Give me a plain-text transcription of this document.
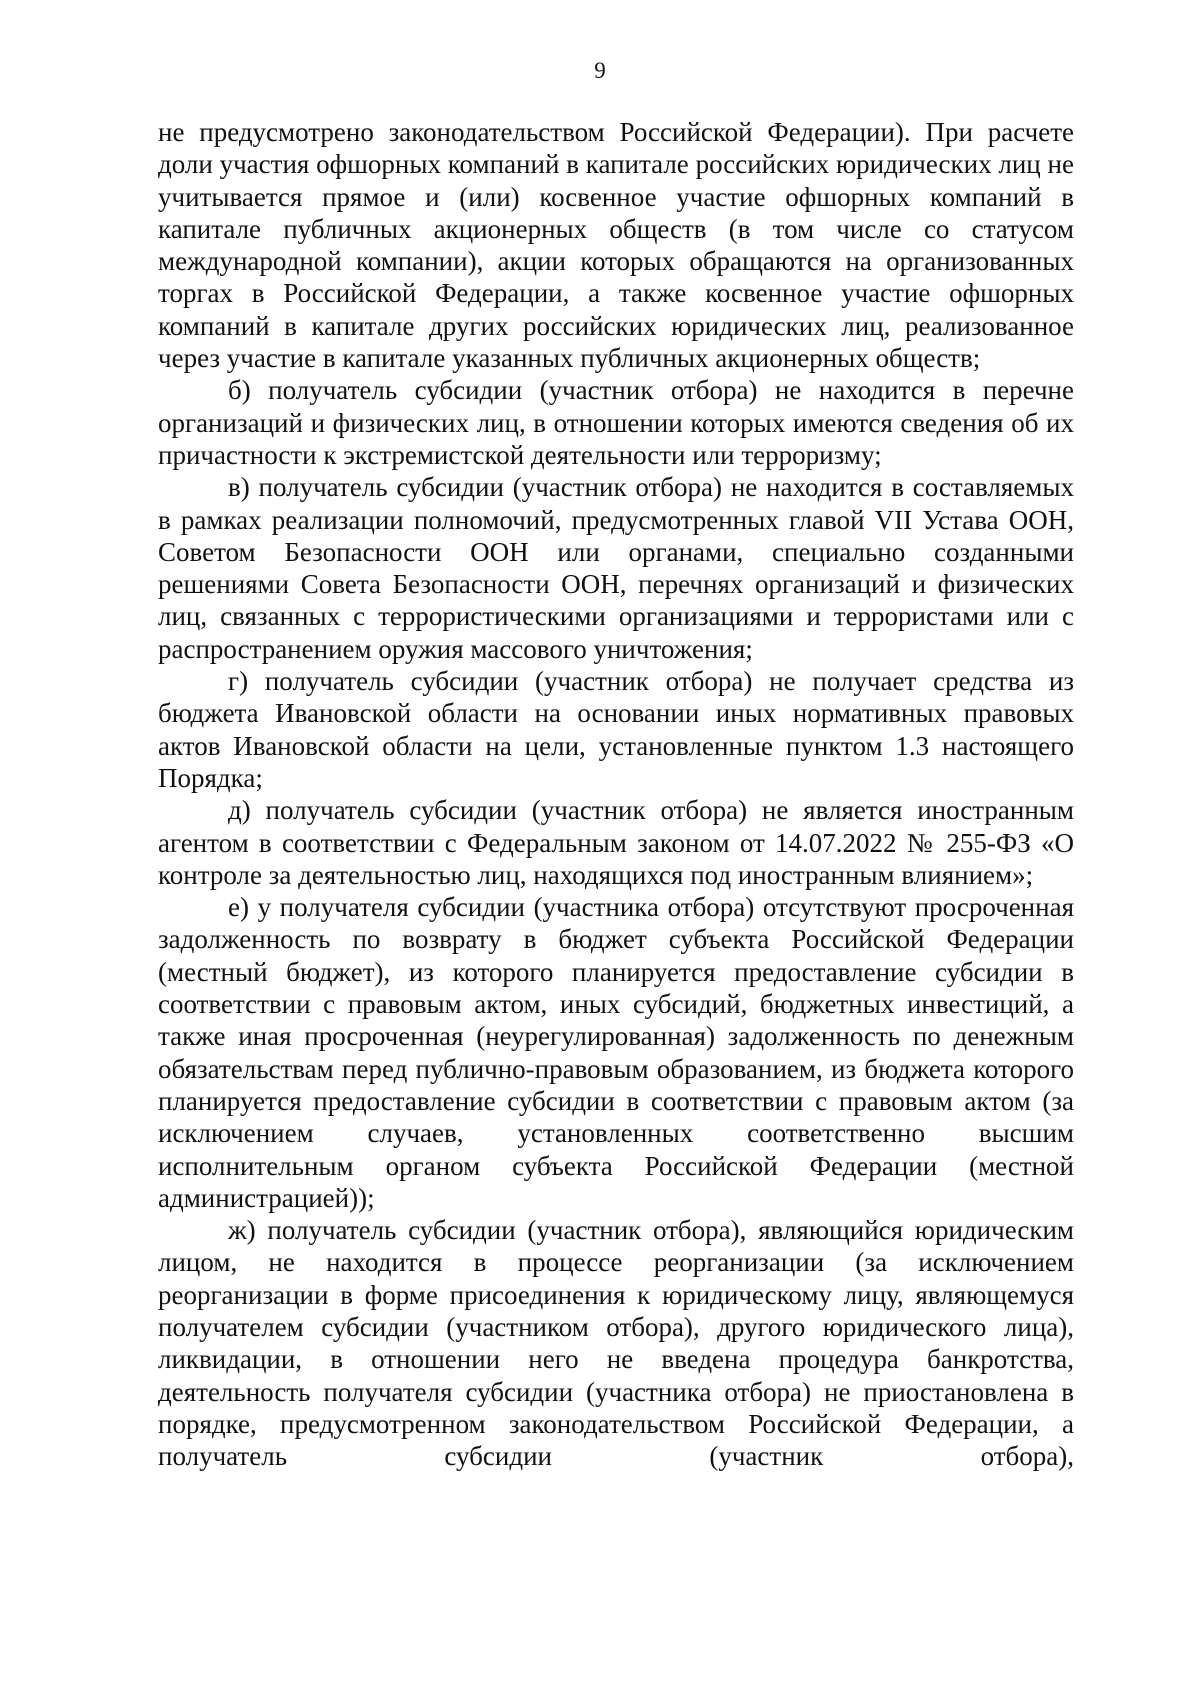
9

не предусмотрено законодательством Российской Федерации). При расчете доли участия офшорных компаний в капитале российских юридических лиц не учитывается прямое и (или) косвенное участие офшорных компаний в капитале публичных акционерных обществ (в том числе со статусом международной компании), акции которых обращаются на организованных торгах в Российской Федерации, а также косвенное участие офшорных компаний в капитале других российских юридических лиц, реализованное через участие в капитале указанных публичных акционерных обществ;

б) получатель субсидии (участник отбора) не находится в перечне организаций и физических лиц, в отношении которых имеются сведения об их причастности к экстремистской деятельности или терроризму;

в) получатель субсидии (участник отбора) не находится в составляемых в рамках реализации полномочий, предусмотренных главой VII Устава ООН, Советом Безопасности ООН или органами, специально созданными решениями Совета Безопасности ООН, перечнях организаций и физических лиц, связанных с террористическими организациями и террористами или с распространением оружия массового уничтожения;

г) получатель субсидии (участник отбора) не получает средства из бюджета Ивановской области на основании иных нормативных правовых актов Ивановской области на цели, установленные пунктом 1.3 настоящего Порядка;

д) получатель субсидии (участник отбора) не является иностранным агентом в соответствии с Федеральным законом от 14.07.2022 № 255-ФЗ «О контроле за деятельностью лиц, находящихся под иностранным влиянием»;

е) у получателя субсидии (участника отбора) отсутствуют просроченная задолженность по возврату в бюджет субъекта Российской Федерации (местный бюджет), из которого планируется предоставление субсидии в соответствии с правовым актом, иных субсидий, бюджетных инвестиций, а также иная просроченная (неурегулированная) задолженность по денежным обязательствам перед публично-правовым образованием, из бюджета которого планируется предоставление субсидии в соответствии с правовым актом (за исключением случаев, установленных соответственно высшим исполнительным органом субъекта Российской Федерации (местной администрацией));

ж) получатель субсидии (участник отбора), являющийся юридическим лицом, не находится в процессе реорганизации (за исключением реорганизации в форме присоединения к юридическому лицу, являющемуся получателем субсидии (участником отбора), другого юридического лица), ликвидации, в отношении него не введена процедура банкротства, деятельность получателя субсидии (участника отбора) не приостановлена в порядке, предусмотренном законодательством Российской Федерации, а получатель субсидии (участник отбора),
